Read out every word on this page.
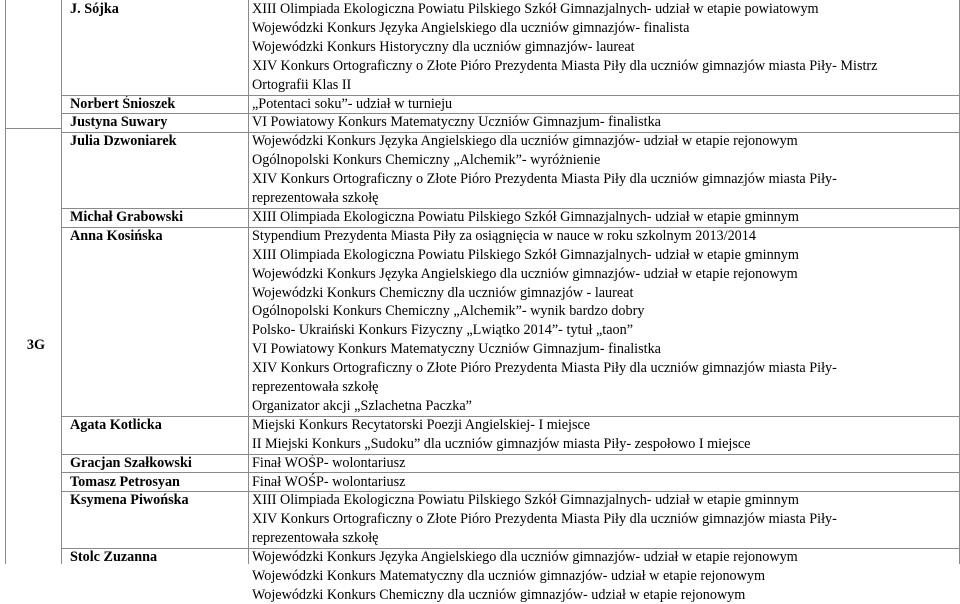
3G
J. Sójka	XIII Olimpiada Ekologiczna Powiatu Pilskiego Szkół Gimnazjalnych- udział w etapie powiatowym
Wojewódzki Konkurs Języka Angielskiego dla uczniów gimnazjów- finalista
Wojewódzki Konkurs Historyczny dla uczniów gimnazjów- laureat
XIV Konkurs Ortograficzny o Złote Pióro Prezydenta Miasta Piły dla uczniów gimnazjów miasta Piły- Mistrz
Ortografii Klas II
Norbert Śnioszek	„Potentaci soku”- udział w turnieju
Justyna Suwary	VI Powiatowy Konkurs Matematyczny Uczniów Gimnazjum- finalistka
Julia Dzwoniarek	Wojewódzki Konkurs Języka Angielskiego dla uczniów gimnazjów- udział w etapie rejonowym
Ogólnopolski Konkurs Chemiczny „Alchemik”- wyróżnienie
XIV Konkurs Ortograficzny o Złote Pióro Prezydenta Miasta Piły dla uczniów gimnazjów miasta Piły-
reprezentowała szkołę
Michał Grabowski	XIII Olimpiada Ekologiczna Powiatu Pilskiego Szkół Gimnazjalnych- udział w etapie gminnym
Anna Kosińska	Stypendium Prezydenta Miasta Piły za osiągnięcia w nauce w roku szkolnym 2013/2014
XIII Olimpiada Ekologiczna Powiatu Pilskiego Szkół Gimnazjalnych- udział w etapie gminnym
Wojewódzki Konkurs Języka Angielskiego dla uczniów gimnazjów- udział w etapie rejonowym
Wojewódzki Konkurs Chemiczny dla uczniów gimnazjów - laureat
Ogólnopolski Konkurs Chemiczny „Alchemik”- wynik bardzo dobry
Polsko- Ukraiński Konkurs Fizyczny „Lwiątko 2014”- tytuł „taon”
VI Powiatowy Konkurs Matematyczny Uczniów Gimnazjum- finalistka
XIV Konkurs Ortograficzny o Złote Pióro Prezydenta Miasta Piły dla uczniów gimnazjów miasta Piły-
reprezentowała szkołę
Organizator akcji „Szlachetna Paczka”
Agata Kotlicka	Miejski Konkurs Recytatorski Poezji Angielskiej- I miejsce
II Miejski Konkurs „Sudoku” dla uczniów gimnazjów miasta Piły- zespołowo I miejsce
Gracjan Szałkowski	Finał WOŚP- wolontariusz
Tomasz Petrosyan	Finał WOŚP- wolontariusz
Ksymena Piwońska	XIII Olimpiada Ekologiczna Powiatu Pilskiego Szkół Gimnazjalnych- udział w etapie gminnym
XIV Konkurs Ortograficzny o Złote Pióro Prezydenta Miasta Piły dla uczniów gimnazjów miasta Piły-
reprezentowała szkołę
Stolc Zuzanna	Wojewódzki Konkurs Języka Angielskiego dla uczniów gimnazjów- udział w etapie rejonowym
Wojewódzki Konkurs Matematyczny dla uczniów gimnazjów- udział w etapie rejonowym
Wojewódzki Konkurs Chemiczny dla uczniów gimnazjów- udział w etapie rejonowym
